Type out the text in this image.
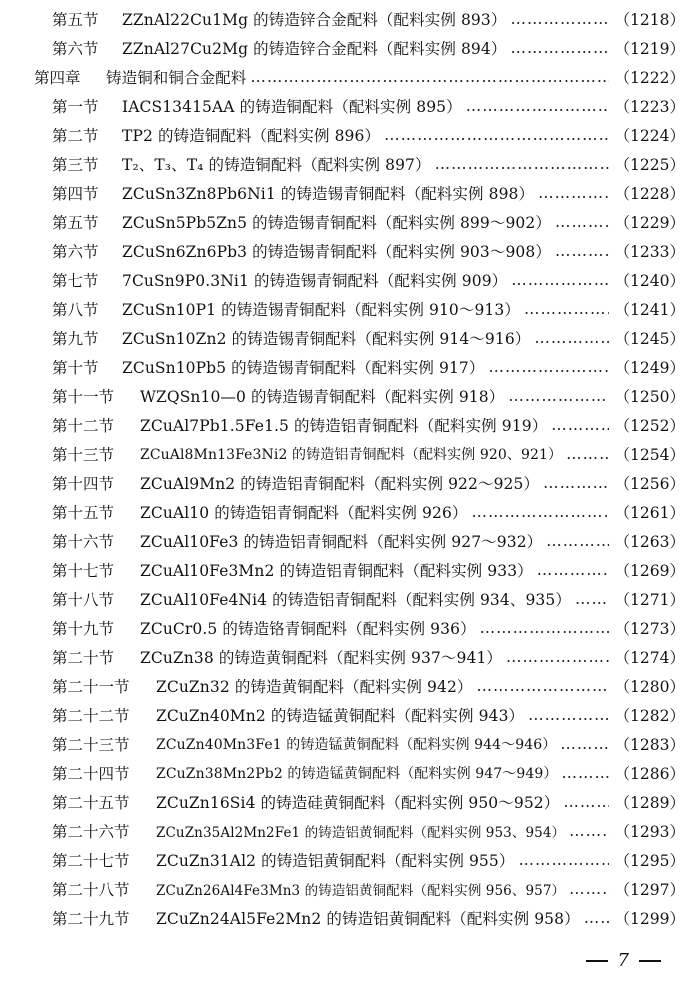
第五节	ZZnAl22Cu1Mg 的铸造锌合金配料（配料实例 893） ……………………………………………………………………………………………………………………	（1218）
第六节	ZZnAl27Cu2Mg 的铸造锌合金配料（配料实例 894） ……………………………………………………………………………………………………………………	（1219）
第四章	铸造铜和铜合金配料 ……………………………………………………………………………………………………………………	（1222）
第一节	IACS13415AA 的铸造铜配料（配料实例 895） ……………………………………………………………………………………………………………………	（1223）
第二节	TP2 的铸造铜配料（配料实例 896） ……………………………………………………………………………………………………………………	（1224）
第三节	T₂、T₃、T₄ 的铸造铜配料（配料实例 897） ……………………………………………………………………………………………………………………	（1225）
第四节	ZCuSn3Zn8Pb6Ni1 的铸造锡青铜配料（配料实例 898） ……………………………………………………………………………………………………………………	（1228）
第五节	ZCuSn5Pb5Zn5 的铸造锡青铜配料（配料实例 899～902） ……………………………………………………………………………………………………………………	（1229）
第六节	ZCuSn6Zn6Pb3 的铸造锡青铜配料（配料实例 903～908） ……………………………………………………………………………………………………………………	（1233）
第七节	7CuSn9P0.3Ni1 的铸造锡青铜配料（配料实例 909） ……………………………………………………………………………………………………………………	（1240）
第八节	ZCuSn10P1 的铸造锡青铜配料（配料实例 910～913） ……………………………………………………………………………………………………………………	（1241）
第九节	ZCuSn10Zn2 的铸造锡青铜配料（配料实例 914～916） ……………………………………………………………………………………………………………………	（1245）
第十节	ZCuSn10Pb5 的铸造锡青铜配料（配料实例 917） ……………………………………………………………………………………………………………………	（1249）
第十一节	WZQSn10—0 的铸造锡青铜配料（配料实例 918） ……………………………………………………………………………………………………………………	（1250）
第十二节	ZCuAl7Pb1.5Fe1.5 的铸造铝青铜配料（配料实例 919） ……………………………………………………………………………………………………………………	（1252）
第十三节	ZCuAl8Mn13Fe3Ni2 的铸造铝青铜配料（配料实例 920、921） ……………………………………………………………………………………………………………………	（1254）
第十四节	ZCuAl9Mn2 的铸造铝青铜配料（配料实例 922～925） ……………………………………………………………………………………………………………………	（1256）
第十五节	ZCuAl10 的铸造铝青铜配料（配料实例 926） ……………………………………………………………………………………………………………………	（1261）
第十六节	ZCuAl10Fe3 的铸造铝青铜配料（配料实例 927～932） ……………………………………………………………………………………………………………………	（1263）
第十七节	ZCuAl10Fe3Mn2 的铸造铝青铜配料（配料实例 933） ……………………………………………………………………………………………………………………	（1269）
第十八节	ZCuAl10Fe4Ni4 的铸造铝青铜配料（配料实例 934、935） ……………………………………………………………………………………………………………………	（1271）
第十九节	ZCuCr0.5 的铸造铬青铜配料（配料实例 936） ……………………………………………………………………………………………………………………	（1273）
第二十节	ZCuZn38 的铸造黄铜配料（配料实例 937～941） ……………………………………………………………………………………………………………………	（1274）
第二十一节	ZCuZn32 的铸造黄铜配料（配料实例 942） ……………………………………………………………………………………………………………………	（1280）
第二十二节	ZCuZn40Mn2 的铸造锰黄铜配料（配料实例 943） ……………………………………………………………………………………………………………………	（1282）
第二十三节	ZCuZn40Mn3Fe1 的铸造锰黄铜配料（配料实例 944～946） ……………………………………………………………………………………………………………………	（1283）
第二十四节	ZCuZn38Mn2Pb2 的铸造锰黄铜配料（配料实例 947～949） ……………………………………………………………………………………………………………………	（1286）
第二十五节	ZCuZn16Si4 的铸造硅黄铜配料（配料实例 950～952） ……………………………………………………………………………………………………………………	（1289）
第二十六节	ZCuZn35Al2Mn2Fe1 的铸造铝黄铜配料（配料实例 953、954） ……………………………………………………………………………………………………………………	（1293）
第二十七节	ZCuZn31Al2 的铸造铝黄铜配料（配料实例 955） ……………………………………………………………………………………………………………………	（1295）
第二十八节	ZCuZn26Al4Fe3Mn3 的铸造铝黄铜配料（配料实例 956、957） ……………………………………………………………………………………………………………………	（1297）
第二十九节	ZCuZn24Al5Fe2Mn2 的铸造铝黄铜配料（配料实例 958） …………………………………………………………………………………………………………………… （1299）
7
